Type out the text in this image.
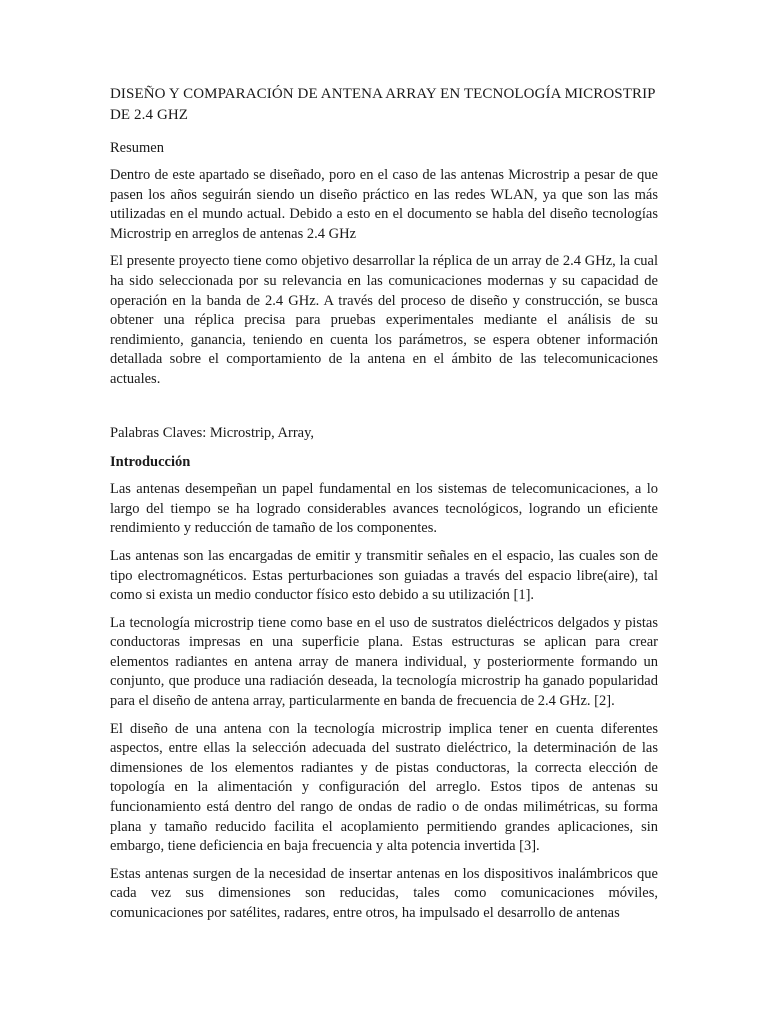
DISEÑO Y COMPARACIÓN DE ANTENA ARRAY EN TECNOLOGÍA MICROSTRIP DE 2.4 GHZ
Resumen

Dentro de este apartado se diseñado, poro en el caso de las antenas Microstrip a pesar de que pasen los años seguirán siendo un diseño práctico en las redes WLAN, ya que son las más utilizadas en el mundo actual. Debido a esto en el documento se habla del diseño tecnologías Microstrip en arreglos de antenas 2.4 GHz

El presente proyecto tiene como objetivo desarrollar la réplica de un array de 2.4 GHz, la cual ha sido seleccionada por su relevancia en las comunicaciones modernas y su capacidad de operación en la banda de 2.4 GHz. A través del proceso de diseño y construcción, se busca obtener una réplica precisa para pruebas experimentales mediante el análisis de su rendimiento, ganancia, teniendo en cuenta los parámetros, se espera obtener información detallada sobre el comportamiento de la antena en el ámbito de las telecomunicaciones actuales.

Palabras Claves: Microstrip, Array,
Introducción

Las antenas desempeñan un papel fundamental en los sistemas de telecomunicaciones, a lo largo del tiempo se ha logrado considerables avances tecnológicos, logrando un eficiente rendimiento y reducción de tamaño de los componentes.

Las antenas son las encargadas de emitir y transmitir señales en el espacio, las cuales son de tipo electromagnéticos. Estas perturbaciones son guiadas a través del espacio libre(aire), tal como si exista un medio conductor físico esto debido a su utilización [1].

La tecnología microstrip tiene como base en el uso de sustratos dieléctricos delgados y pistas conductoras impresas en una superficie plana. Estas estructuras se aplican para crear elementos radiantes en antena array de manera individual, y posteriormente formando un conjunto, que produce una radiación deseada, la tecnología microstrip ha ganado popularidad para el diseño de antena array, particularmente en banda de frecuencia de 2.4 GHz. [2].

El diseño de una antena con la tecnología microstrip implica tener en cuenta diferentes aspectos, entre ellas la selección adecuada del sustrato dieléctrico, la determinación de las dimensiones de los elementos radiantes y de pistas conductoras, la correcta elección de topología en la alimentación y configuración del arreglo. Estos tipos de antenas su funcionamiento está dentro del rango de ondas de radio o de ondas milimétricas, su forma plana y tamaño reducido facilita el acoplamiento permitiendo grandes aplicaciones, sin embargo, tiene deficiencia en baja frecuencia y alta potencia invertida [3].

Estas antenas surgen de la necesidad de insertar antenas en los dispositivos inalámbricos que cada vez sus dimensiones son reducidas, tales como comunicaciones móviles, comunicaciones por satélites, radares, entre otros, ha impulsado el desarrollo de antenas
